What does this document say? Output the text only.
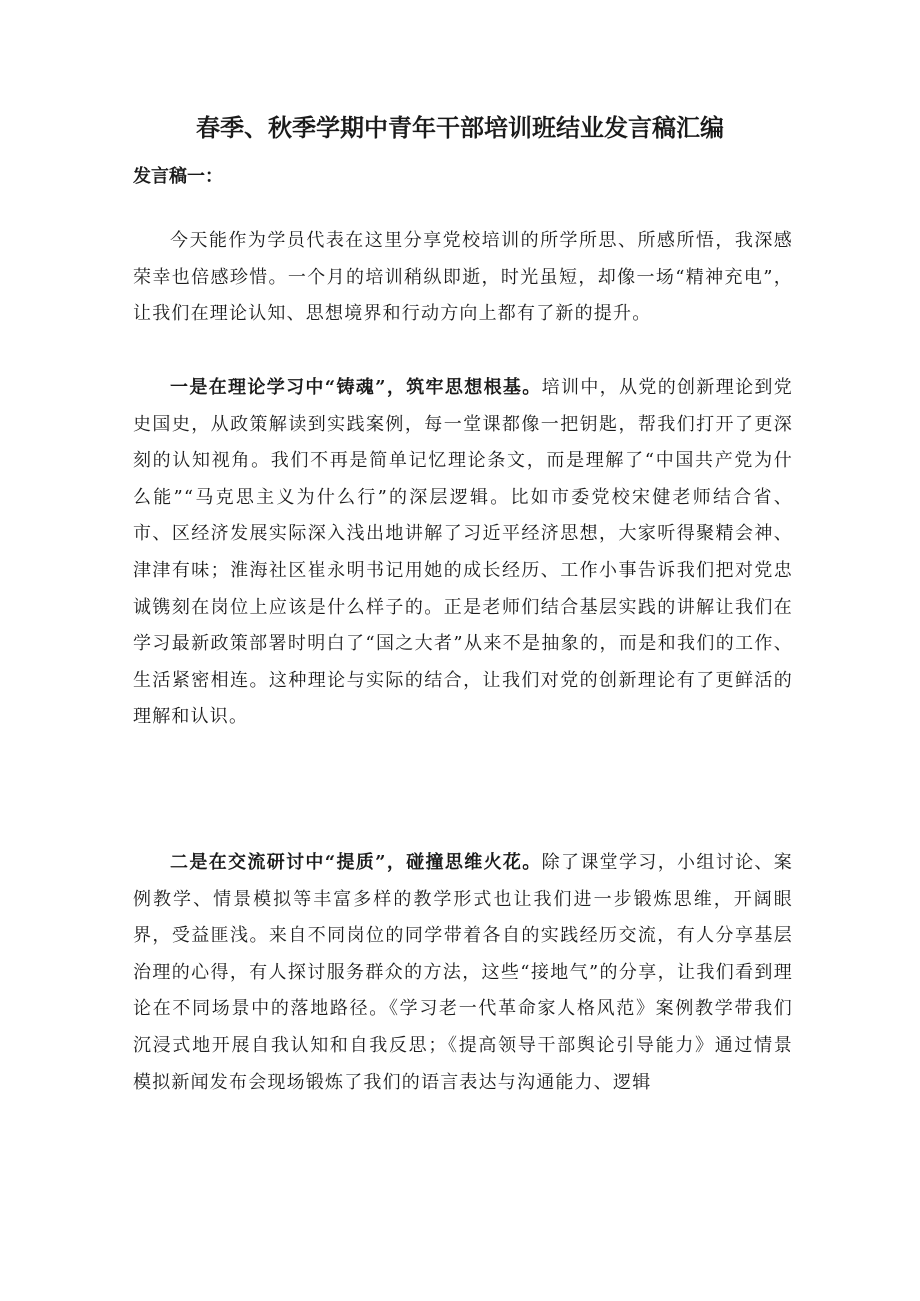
春季、秋季学期中青年干部培训班结业发言稿汇编
发言稿一：

今天能作为学员代表在这里分享党校培训的所学所思、所感所悟，我深感荣幸也倍感珍惜。一个月的培训稍纵即逝，时光虽短，却像一场“精神充电”，让我们在理论认知、思想境界和行动方向上都有了新的提升。

一是在理论学习中“铸魂”，筑牢思想根基。培训中，从党的创新理论到党史国史，从政策解读到实践案例，每一堂课都像一把钥匙，帮我们打开了更深刻的认知视角。我们不再是简单记忆理论条文，而是理解了“中国共产党为什么能”“马克思主义为什么行”的深层逻辑。比如市委党校宋健老师结合省、市、区经济发展实际深入浅出地讲解了习近平经济思想，大家听得聚精会神、津津有味；淮海社区崔永明书记用她的成长经历、工作小事告诉我们把对党忠诚镌刻在岗位上应该是什么样子的。正是老师们结合基层实践的讲解让我们在学习最新政策部署时明白了“国之大者”从来不是抽象的，而是和我们的工作、生活紧密相连。这种理论与实际的结合，让我们对党的创新理论有了更鲜活的理解和认识。

二是在交流研讨中“提质”，碰撞思维火花。除了课堂学习，小组讨论、案例教学、情景模拟等丰富多样的教学形式也让我们进一步锻炼思维，开阔眼界，受益匪浅。来自不同岗位的同学带着各自的实践经历交流，有人分享基层治理的心得，有人探讨服务群众的方法，这些“接地气”的分享，让我们看到理论在不同场景中的落地路径。《学习老一代革命家人格风范》案例教学带我们沉浸式地开展自我认知和自我反思；《提高领导干部舆论引导能力》通过情景模拟新闻发布会现场锻炼了我们的语言表达与沟通能力、逻辑
